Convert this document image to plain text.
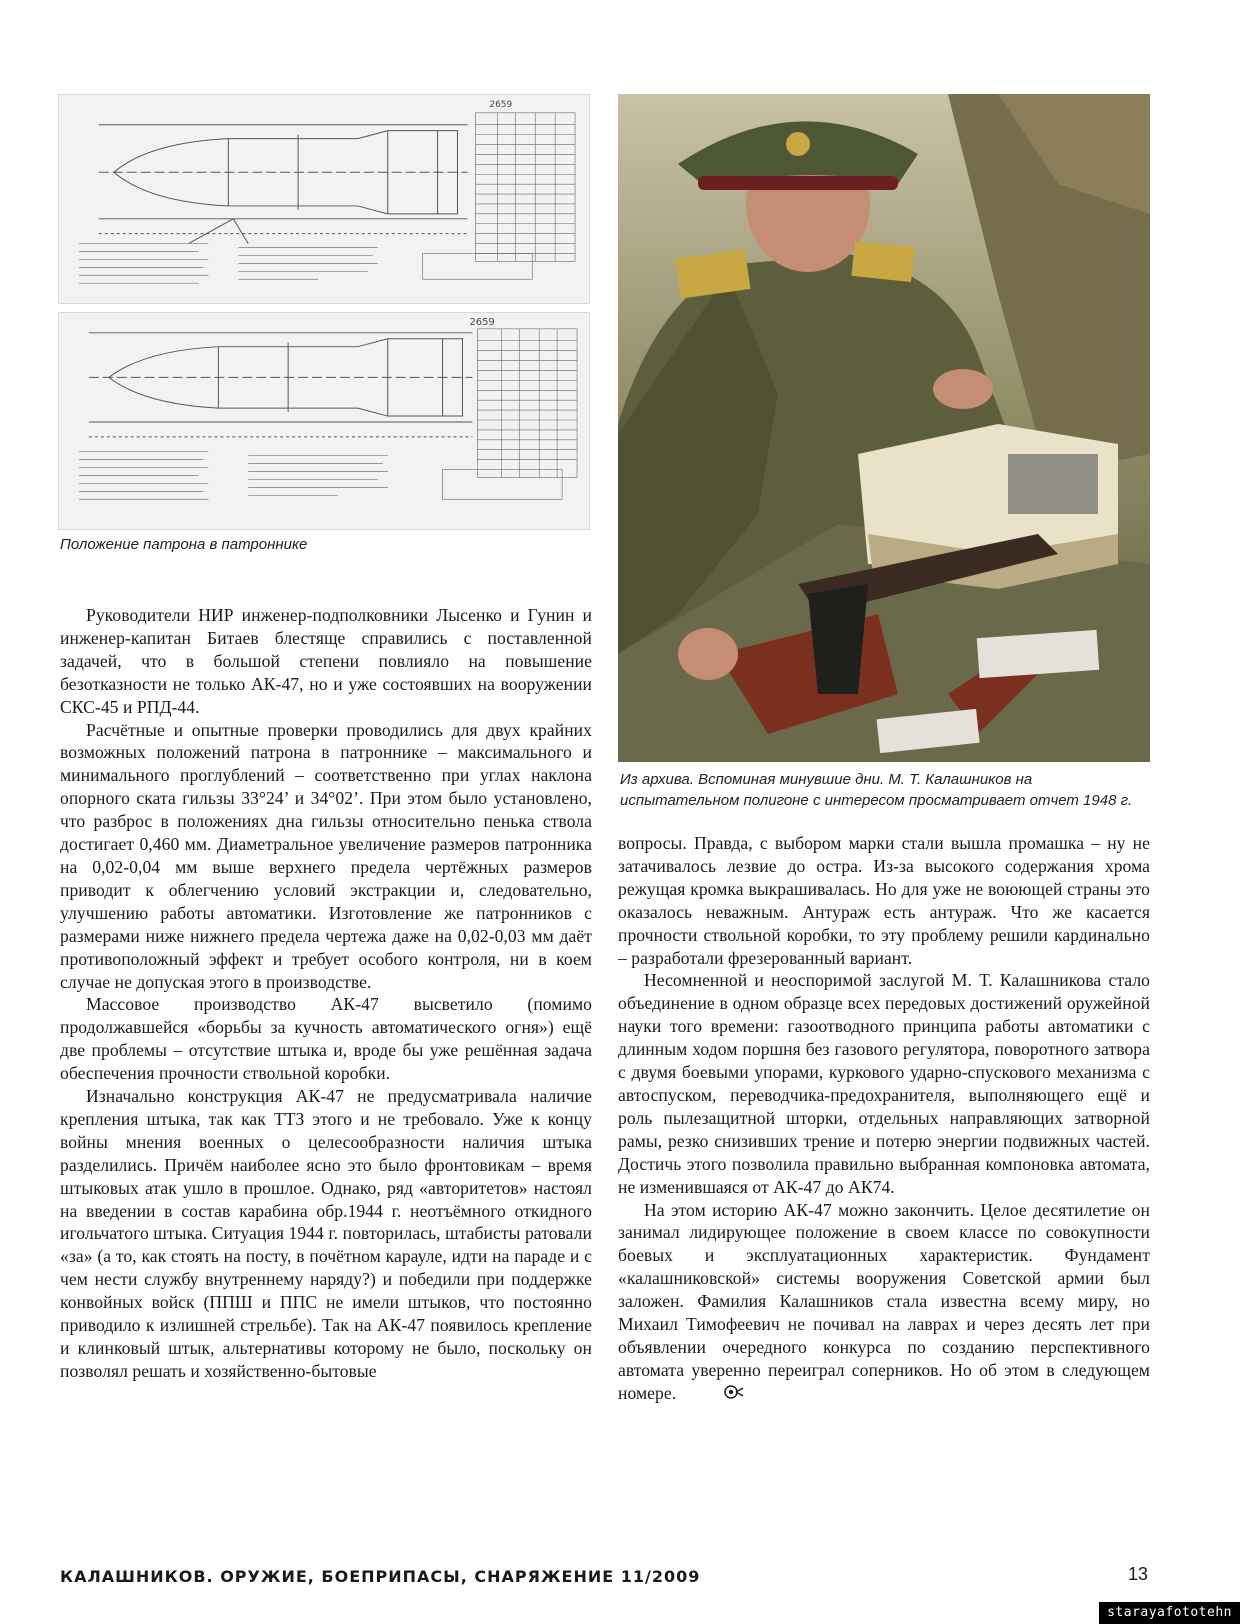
2659
2659
Положение патрона в патроннике
Из архива. Вспоминая минувшие дни. М. Т. Калашников на
испытательном полигоне с интересом просматривает отчет 1948 г.

Руководители НИР инженер-подполковники Лысенко и Гунин и инженер-капитан Битаев блестяще справились с поставленной задачей, что в большой степени повлияло на повышение безотказности не только АК-47, но и уже состоявших на вооружении СКС-45 и РПД-44.

Расчётные и опытные проверки проводились для двух крайних возможных положений патрона в патроннике – максимального и минимального проглублений – соответственно при углах наклона опорного ската гильзы 33°24’ и 34°02’. При этом было установлено, что разброс в положениях дна гильзы относительно пенька ствола достигает 0,460 мм. Диаметральное увеличение размеров патронника на 0,02-0,04 мм выше верхнего предела чертёжных размеров приводит к облегчению условий экстракции и, следовательно, улучшению работы автоматики. Изготовление же патронников с размерами ниже нижнего предела чертежа даже на 0,02-0,03 мм даёт противоположный эффект и требует особого контроля, ни в коем случае не допуская этого в производстве.

Массовое производство АК-47 высветило (помимо продолжавшейся «борьбы за кучность автоматического огня») ещё две проблемы – отсутствие штыка и, вроде бы уже решённая задача обеспечения прочности ствольной коробки.

Изначально конструкция АК-47 не предусматривала наличие крепления штыка, так как ТТЗ этого и не требовало. Уже к концу войны мнения военных о целесообразности наличия штыка разделились. Причём наиболее ясно это было фронтовикам – время штыковых атак ушло в прошлое. Однако, ряд «авторитетов» настоял на введении в состав карабина обр.1944 г. неотъёмного откидного игольчатого штыка. Ситуация 1944 г. повторилась, штабисты ратовали «за» (а то, как стоять на посту, в почётном карауле, идти на параде и с чем нести службу внутреннему наряду?) и победили при поддержке конвойных войск (ППШ и ППС не имели штыков, что постоянно приводило к излишней стрельбе). Так на АК-47 появилось крепление и клинковый штык, альтернативы которому не было, поскольку он позволял решать и хозяйственно-бытовые

вопросы. Правда, с выбором марки стали вышла промашка – ну не затачивалось лезвие до остра. Из-за высокого содержания хрома режущая кромка выкрашивалась. Но для уже не воюющей страны это оказалось неважным. Антураж есть антураж. Что же касается прочности ствольной коробки, то эту проблему решили кардинально – разработали фрезерованный вариант.

Несомненной и неоспоримой заслугой М. Т. Калашникова стало объединение в одном образце всех передовых достижений оружейной науки того времени: газоотводного принципа работы автоматики с длинным ходом поршня без газового регулятора, поворотного затвора с двумя боевыми упорами, куркового ударно-спускового механизма с автоспуском, переводчика-предохранителя, выполняющего ещё и роль пылезащитной шторки, отдельных направляющих затворной рамы, резко снизивших трение и потерю энергии подвижных частей. Достичь этого позволила правильно выбранная компоновка автомата, не изменившаяся от АК-47 до АК74.

На этом историю АК-47 можно закончить. Целое десятилетие он занимал лидирующее положение в своем классе по совокупности боевых и эксплуатационных характеристик. Фундамент «калашниковской» системы вооружения Советской армии был заложен. Фамилия Калашников стала известна всему миру, но Михаил Тимофеевич не почивал на лаврах и через десять лет при объявлении очередного конкурса по созданию перспективного автомата уверенно переиграл соперников. Но об этом в следующем номере.

КАЛАШНИКОВ. ОРУЖИЕ, БОЕПРИПАСЫ, СНАРЯЖЕНИЕ 11/2009	13
starayafototehn
